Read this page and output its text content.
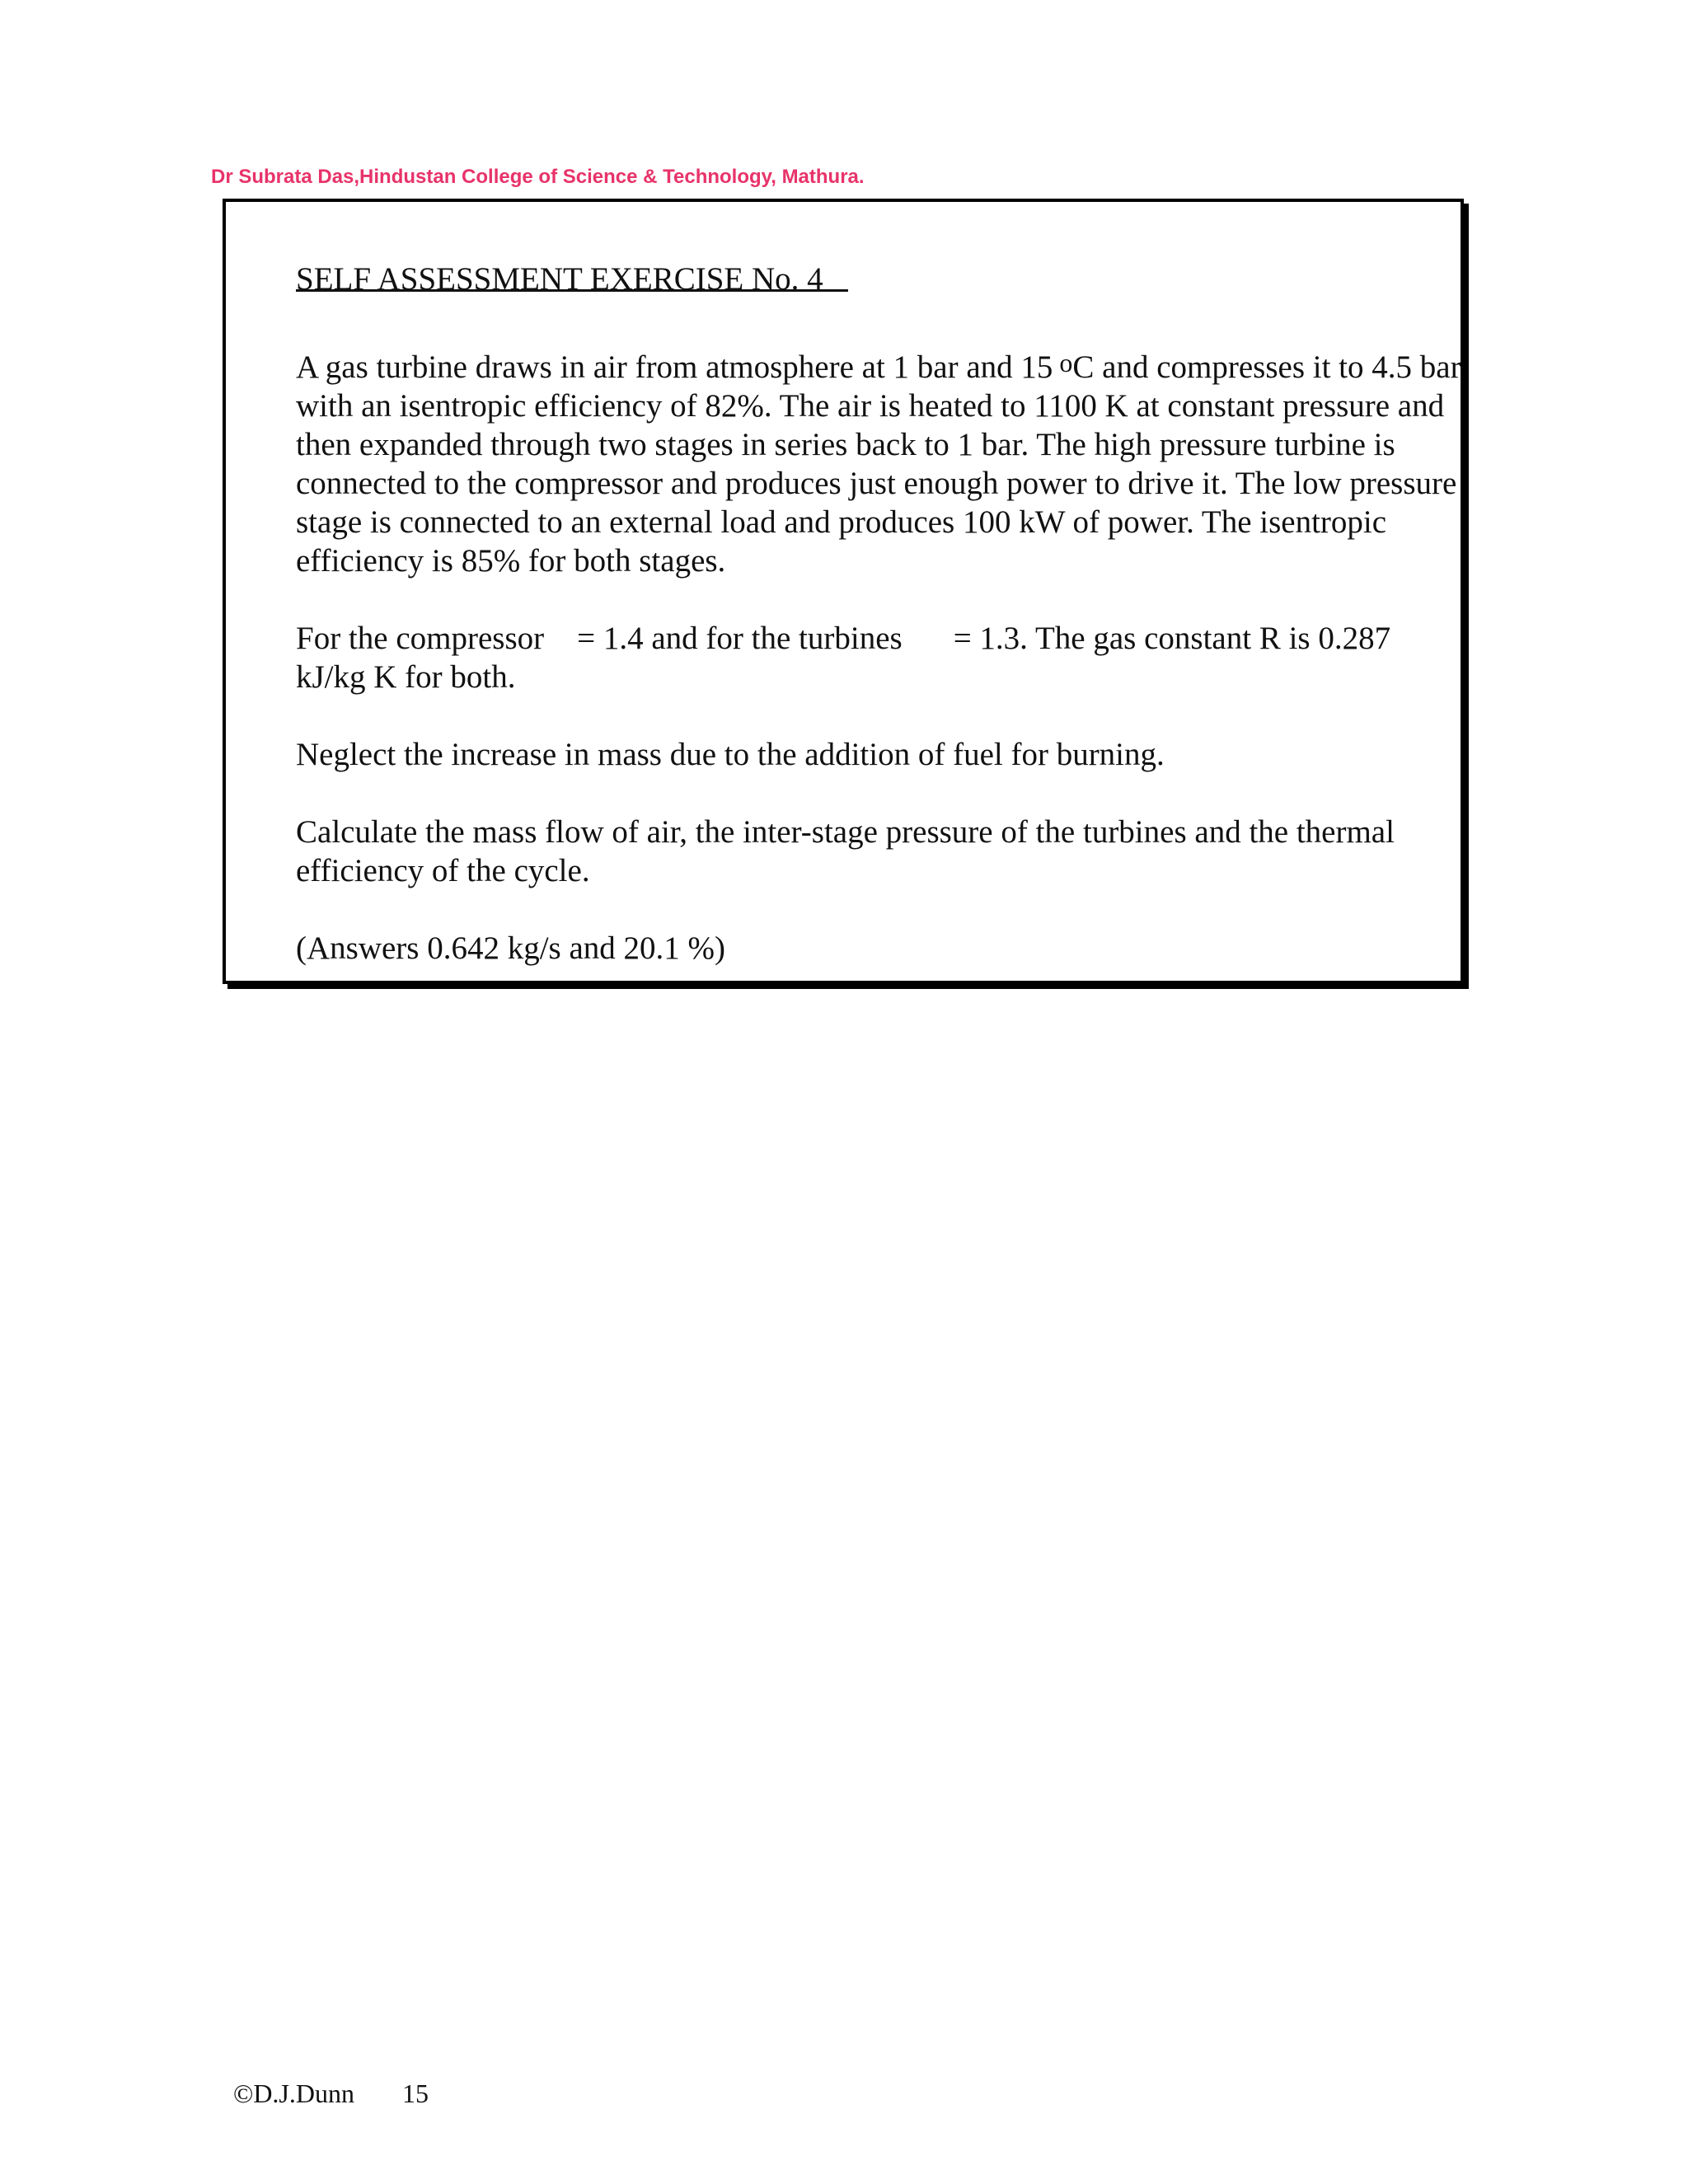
Dr Subrata Das,Hindustan College of Science & Technology, Mathura.
SELF ASSESSMENT EXERCISE No. 4

A gas turbine draws in air from atmosphere at 1 bar and 15 $^o$C and compresses it to 4.5 bar with an isentropic efficiency of 82%. The air is heated to 1100 K at constant pressure and then expanded through two stages in series back to 1 bar. The high pressure turbine is connected to the compressor and produces just enough power to drive it. The low pressure stage is connected to an external load and produces 100 kW of power. The isentropic efficiency is 85% for both stages.

For the compressor = 1.4 and for the turbines = 1.3. The gas constant R is 0.287 kJ/kg K for both.

Neglect the increase in mass due to the addition of fuel for burning.

Calculate the mass flow of air, the inter-stage pressure of the turbines and the thermal efficiency of the cycle.

(Answers 0.642 kg/s and 20.1 %)

©D.J.Dunn 15
